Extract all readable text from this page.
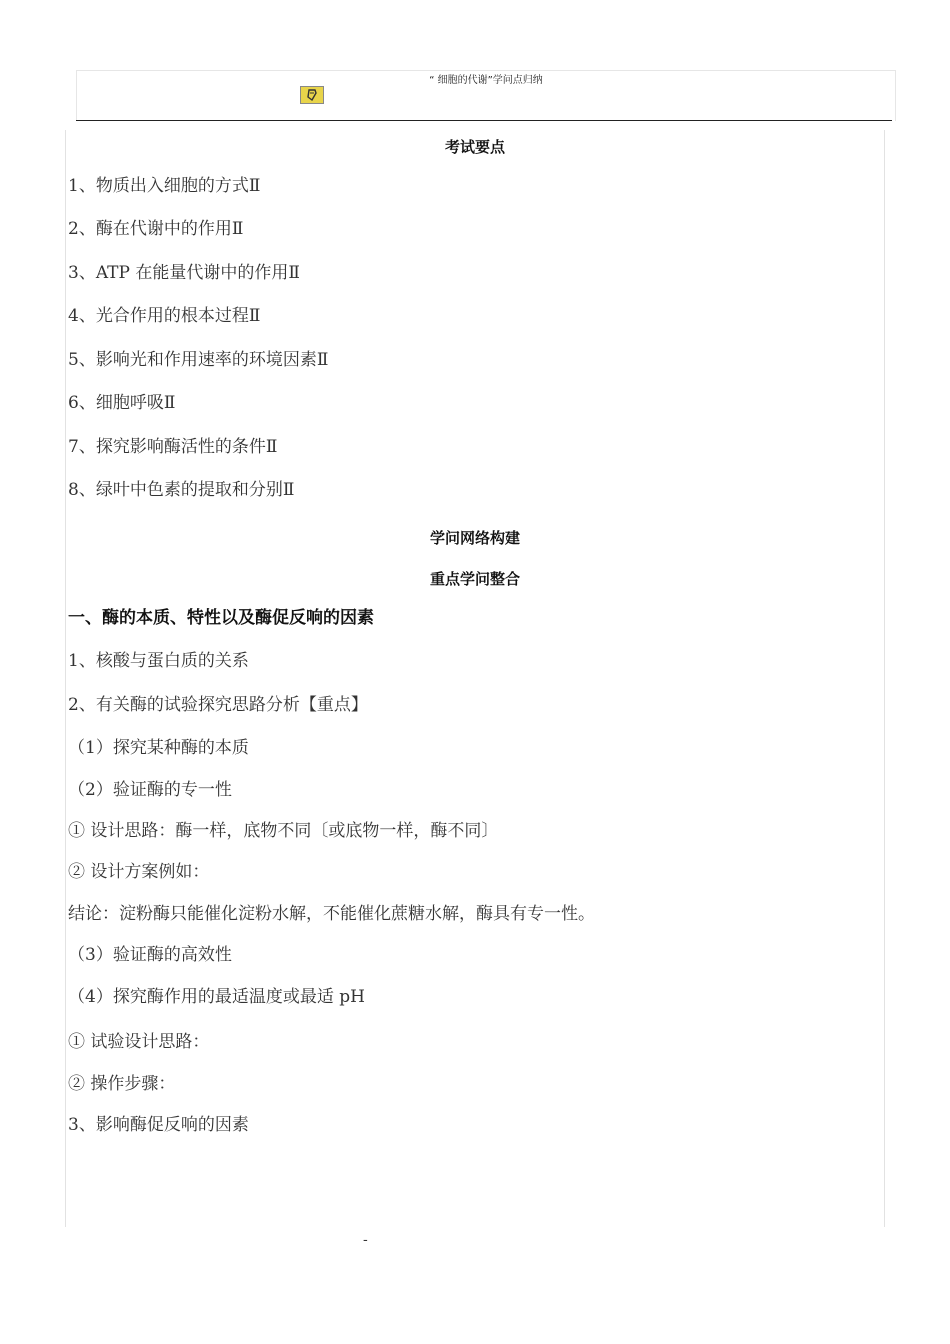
“ 细胞的代谢”学问点归纳
考试要点
1、物质出入细胞的方式Ⅱ
2、酶在代谢中的作用Ⅱ
3、ATP 在能量代谢中的作用Ⅱ
4、光合作用的根本过程Ⅱ
5、影响光和作用速率的环境因素Ⅱ
6、细胞呼吸Ⅱ
7、探究影响酶活性的条件Ⅱ
8、绿叶中色素的提取和分别Ⅱ
学问网络构建
重点学问整合
一、酶的本质、特性以及酶促反响的因素
1、核酸与蛋白质的关系
2、有关酶的试验探究思路分析【重点】
（1）探究某种酶的本质
（2）验证酶的专一性
① 设计思路：酶一样，底物不同〔或底物一样，酶不同〕
② 设计方案例如：
结论：淀粉酶只能催化淀粉水解，不能催化蔗糖水解，酶具有专一性。
（3）验证酶的高效性
（4）探究酶作用的最适温度或最适 pH
① 试验设计思路：
② 操作步骤：
3、影响酶促反响的因素
-
